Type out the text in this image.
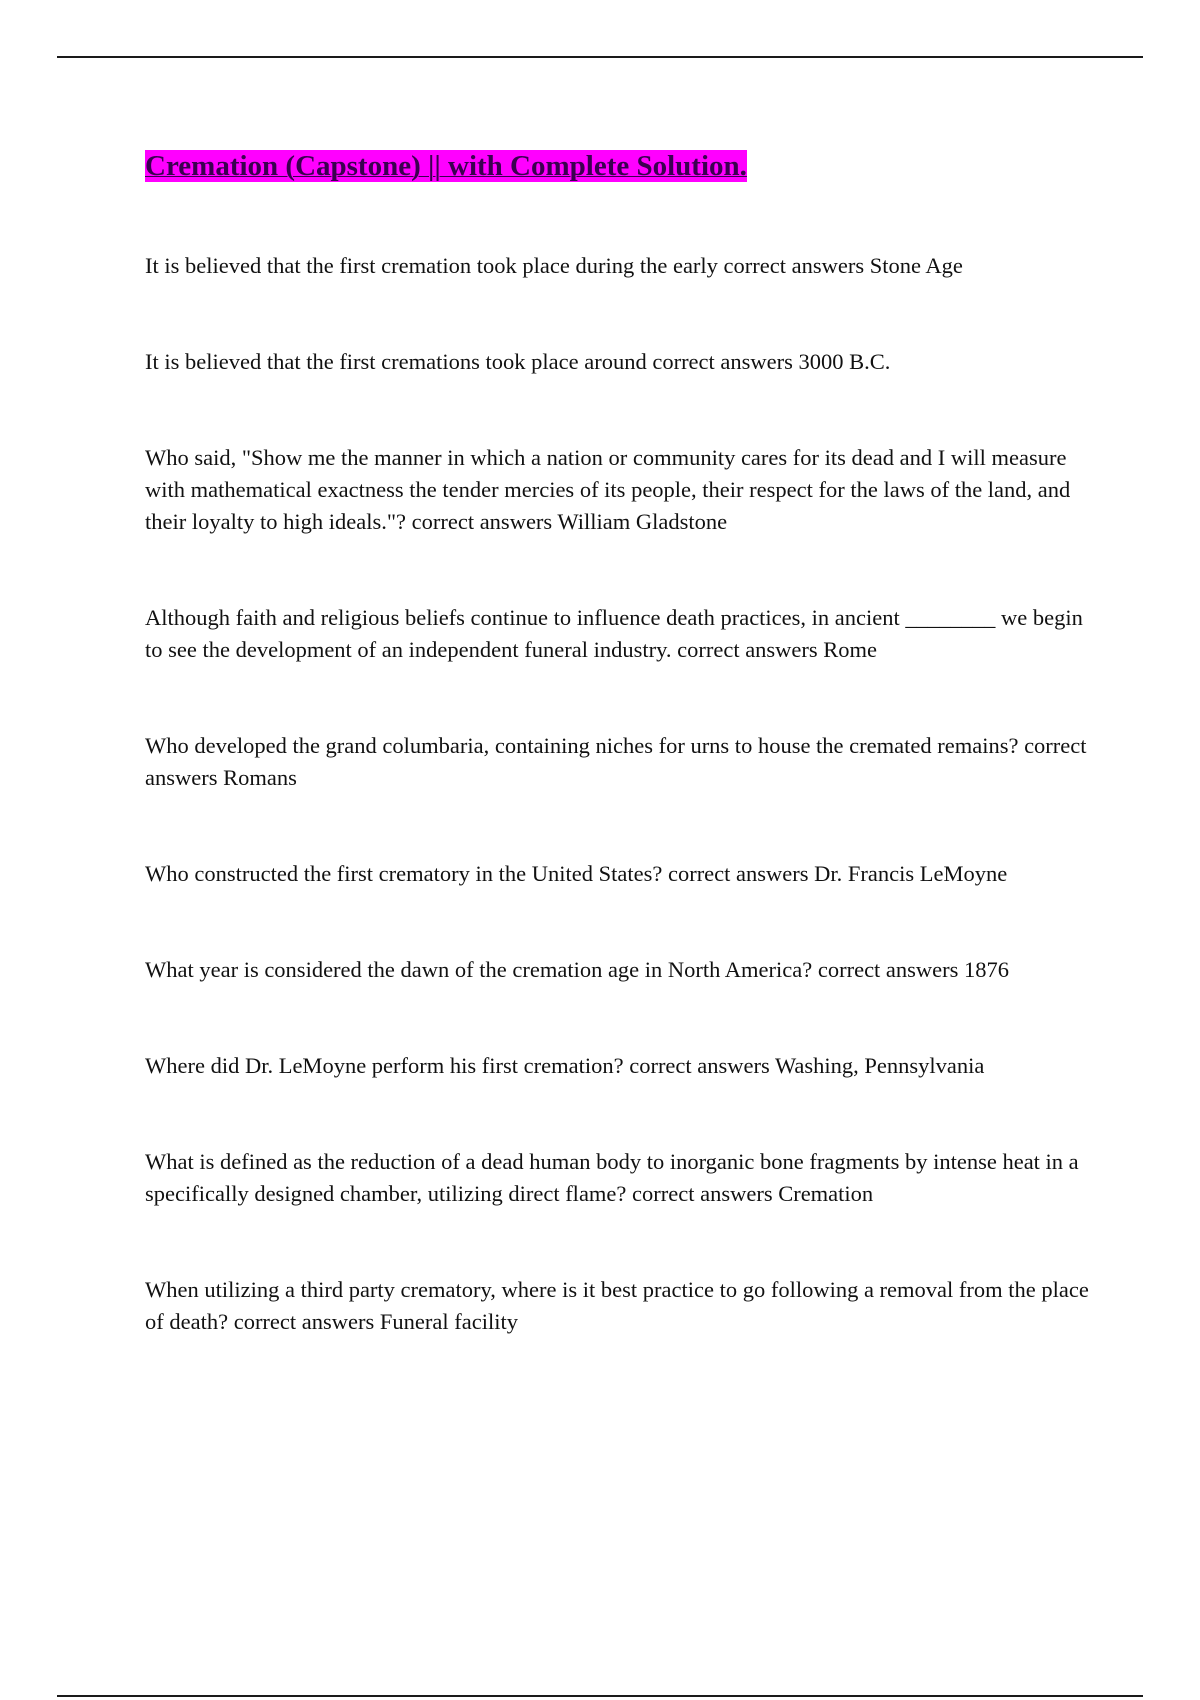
Cremation (Capstone) || with Complete Solution.

It is believed that the first cremation took place during the early correct answers Stone Age

It is believed that the first cremations took place around correct answers 3000 B.C.

Who said, "Show me the manner in which a nation or community cares for its dead and I will measure with mathematical exactness the tender mercies of its people, their respect for the laws of the land, and their loyalty to high ideals."? correct answers William Gladstone

Although faith and religious beliefs continue to influence death practices, in ancient ________ we begin to see the development of an independent funeral industry. correct answers Rome

Who developed the grand columbaria, containing niches for urns to house the cremated remains? correct answers Romans

Who constructed the first crematory in the United States? correct answers Dr. Francis LeMoyne

What year is considered the dawn of the cremation age in North America? correct answers 1876

Where did Dr. LeMoyne perform his first cremation? correct answers Washing, Pennsylvania

What is defined as the reduction of a dead human body to inorganic bone fragments by intense heat in a specifically designed chamber, utilizing direct flame? correct answers Cremation

When utilizing a third party crematory, where is it best practice to go following a removal from the place of death? correct answers Funeral facility
